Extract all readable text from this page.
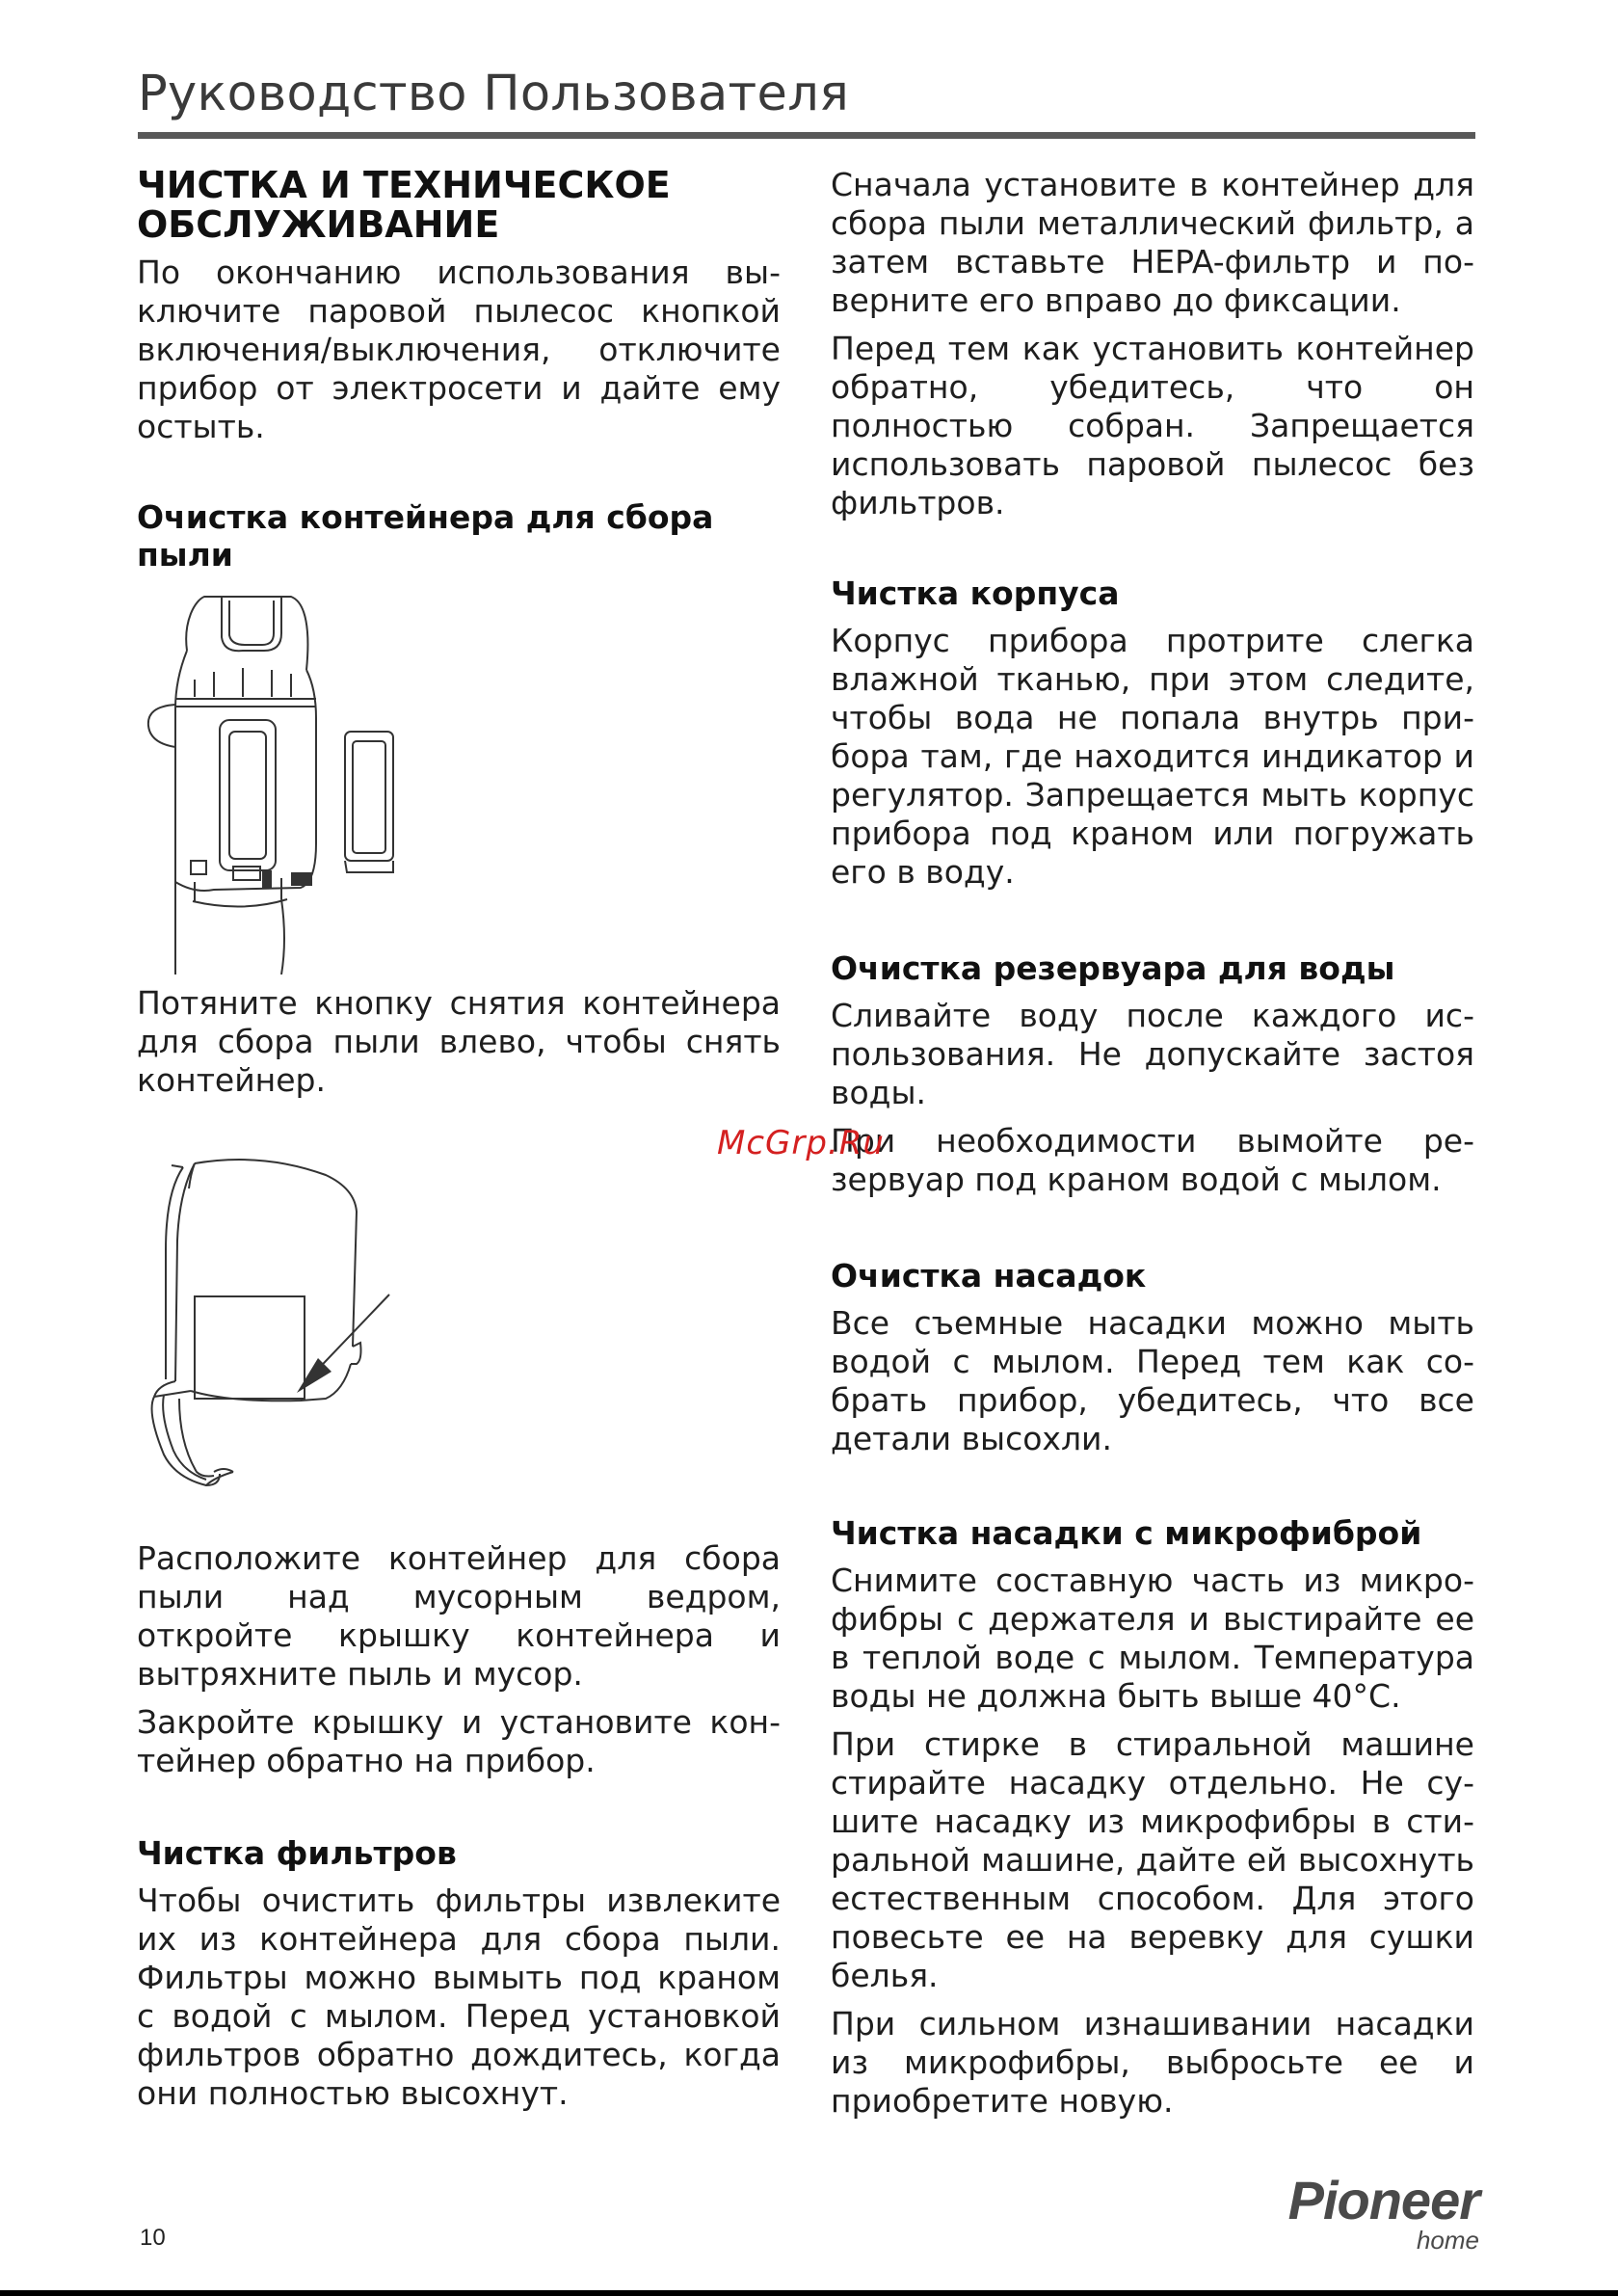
Руководство Пользователя
ЧИСТКА И ТЕХНИЧЕСКОЕ ОБСЛУЖИВАНИЕ

По окончанию использования выключите паровой пылесос кнопкой включения/выключения, отключите прибор от электросети и дайте ему остыть.

Очистка контейнера для сбора пыли

Потяните кнопку снятия контейнера для сбора пыли влево, чтобы снять контейнер.

Расположите контейнер для сбора пыли над мусорным ведром, откройте крышку контейнера и вытряхните пыль и мусор.

Закройте крышку и установите контейнер обратно на прибор.

Чистка фильтров

Чтобы очистить фильтры извлеките их из контейнера для сбора пыли. Фильтры можно вымыть под краном с водой с мылом. Перед установкой фильтров обратно дождитесь, когда они полностью высохнут.

Сначала установите в контейнер для сбора пыли металлический фильтр, а затем вставьте HEPA-фильтр и поверните его вправо до фиксации.

Перед тем как установить контейнер обратно, убедитесь, что он полностью собран. Запрещается использовать паровой пылесос без фильтров.

Чистка корпуса

Корпус прибора протрите слегка влажной тканью, при этом следите, чтобы вода не попала внутрь прибора там, где находится индикатор и регулятор. Запрещается мыть корпус прибора под краном или погружать его в воду.

Очистка резервуара для воды

Сливайте воду после каждого использования. Не допускайте застоя воды.

При необходимости вымойте резервуар под краном водой с мылом.

Очистка насадок

Все съемные насадки можно мыть водой с мылом. Перед тем как собрать прибор, убедитесь, что все детали высохли.

Чистка насадки с микрофиброй

Снимите составную часть из микрофибры с держателя и выстирайте ее в теплой воде с мылом. Температура воды не должна быть выше 40°C.

При стирке в стиральной машине стирайте насадку отдельно. Не сушите насадку из микрофибры в стиральной машине, дайте ей высохнуть естественным способом. Для этого повесьте ее на веревку для сушки белья.

При сильном изнашивании насадки из микрофибры, выбросьте ее и приобретите новую.

McGrp.Ru
10
Pioneer
home
